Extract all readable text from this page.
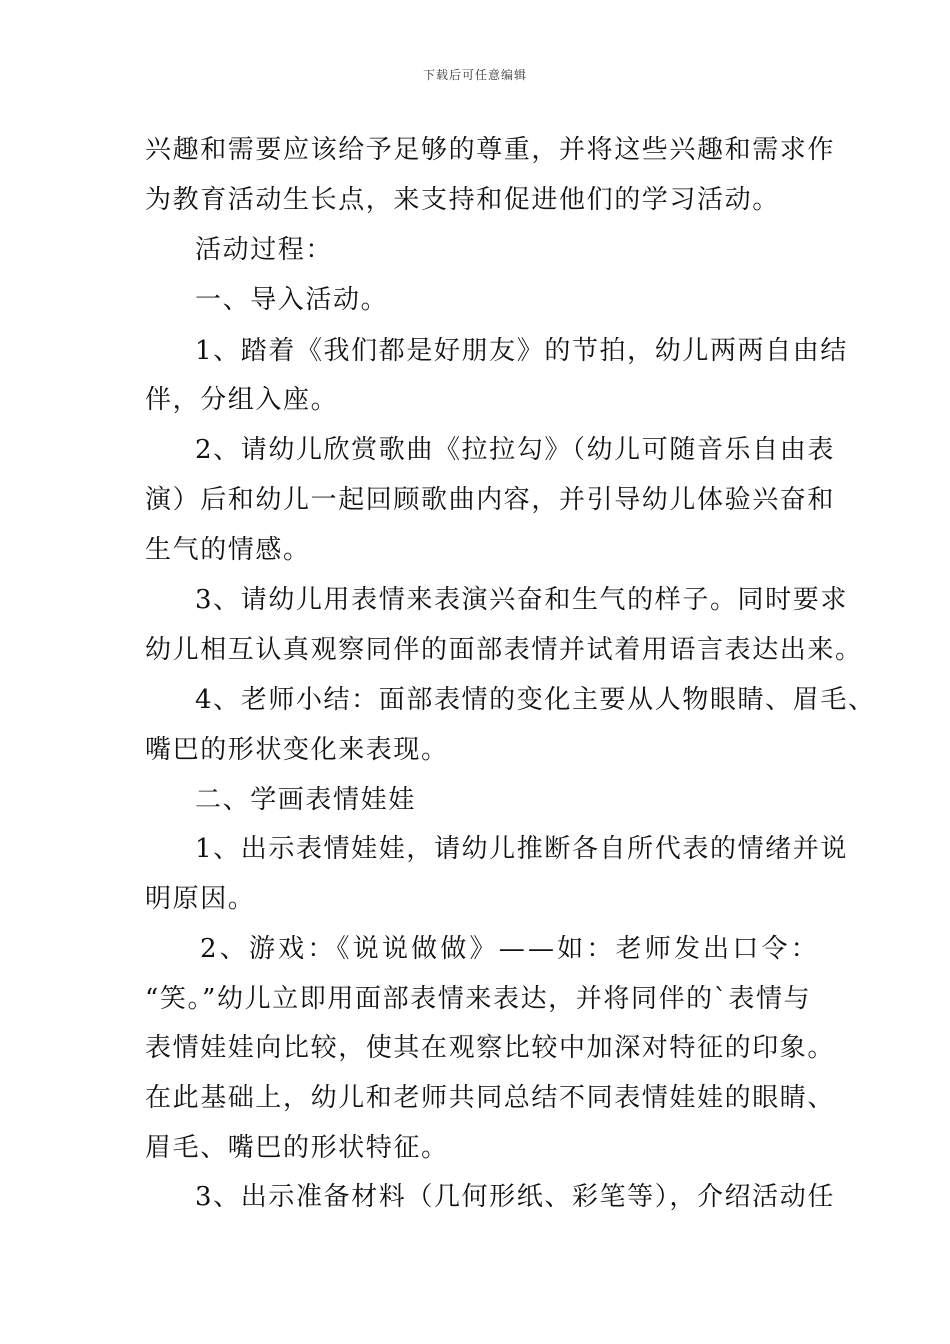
下载后可任意编辑
兴趣和需要应该给予足够的尊重，并将这些兴趣和需求作
为教育活动生长点，来支持和促进他们的学习活动。
活动过程：
一、导入活动。
1、踏着《我们都是好朋友》的节拍，幼儿两两自由结
伴，分组入座。
2、请幼儿欣赏歌曲《拉拉勾》（幼儿可随音乐自由表
演）后和幼儿一起回顾歌曲内容，并引导幼儿体验兴奋和
生气的情感。
3、请幼儿用表情来表演兴奋和生气的样子。同时要求
幼儿相互认真观察同伴的面部表情并试着用语言表达出来。
4、老师小结：面部表情的变化主要从人物眼睛、眉毛、
嘴巴的形状变化来表现。
二、学画表情娃娃
1、出示表情娃娃，请幼儿推断各自所代表的情绪并说
明原因。
2、游戏：《说说做做》——如：老师发出口令：
“笑。”幼儿立即用面部表情来表达，并将同伴的`表情与
表情娃娃向比较，使其在观察比较中加深对特征的印象。
在此基础上，幼儿和老师共同总结不同表情娃娃的眼睛、
眉毛、嘴巴的形状特征。
3、出示准备材料（几何形纸、彩笔等），介绍活动任
